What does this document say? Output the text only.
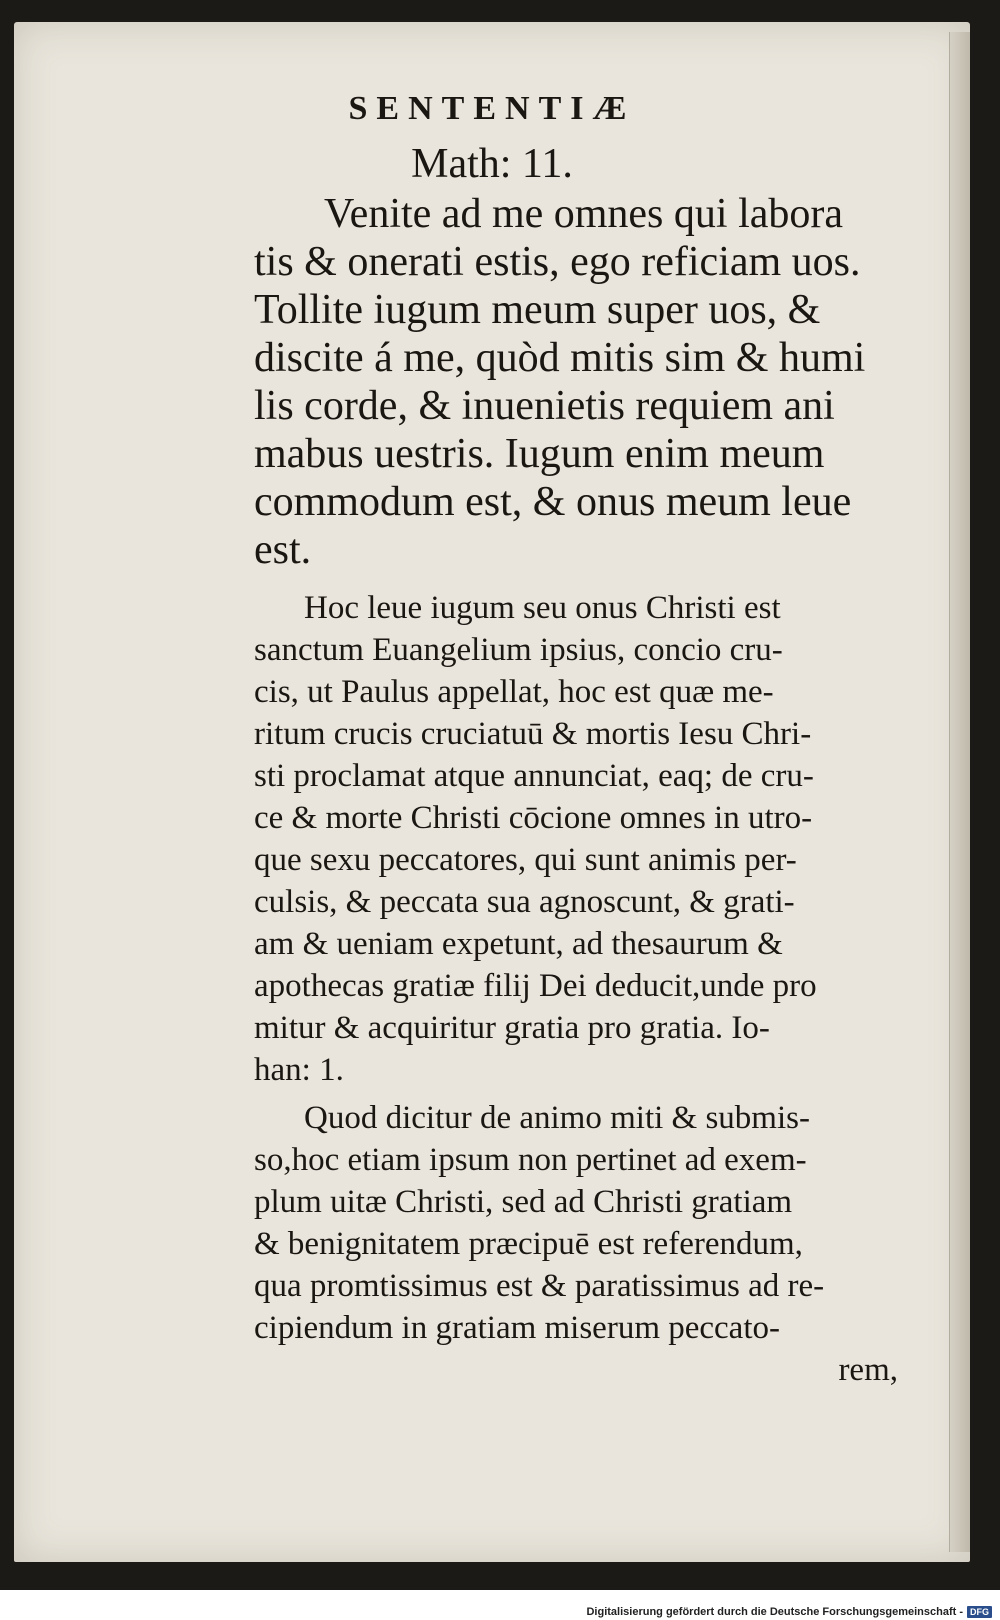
SENTENTIÆ
Math: 11.
Venite ad me omnes qui labora
tis & onerati estis, ego reficiam uos.
Tollite iugum meum super uos, &
discite á me, quòd mitis sim & humi
lis corde, & inuenietis requiem ani
mabus uestris. Iugum enim meum
commodum est, & onus meum leue
est.
Hoc leue iugum seu onus Christi est
sanctum Euangelium ipsius, concio cru-
cis, ut Paulus appellat, hoc est quæ me-
ritum crucis cruciatuū & mortis Iesu Chri-
sti proclamat atque annunciat, eaq; de cru-
ce & morte Christi cōcione omnes in utro-
que sexu peccatores, qui sunt animis per-
culsis, & peccata sua agnoscunt, & grati-
am & ueniam expetunt, ad thesaurum &
apothecas gratiæ filij Dei deducit,unde pro
mitur & acquiritur gratia pro gratia. Io-
han: 1.
Quod dicitur de animo miti & submis-
so,hoc etiam ipsum non pertinet ad exem-
plum uitæ Christi, sed ad Christi gratiam
& benignitatem præcipuē est referendum,
qua promtissimus est & paratissimus ad re-
cipiendum in gratiam miserum peccato-
rem,
Digitalisierung gefördert durch die Deutsche Forschungsgemeinschaft - DFG
